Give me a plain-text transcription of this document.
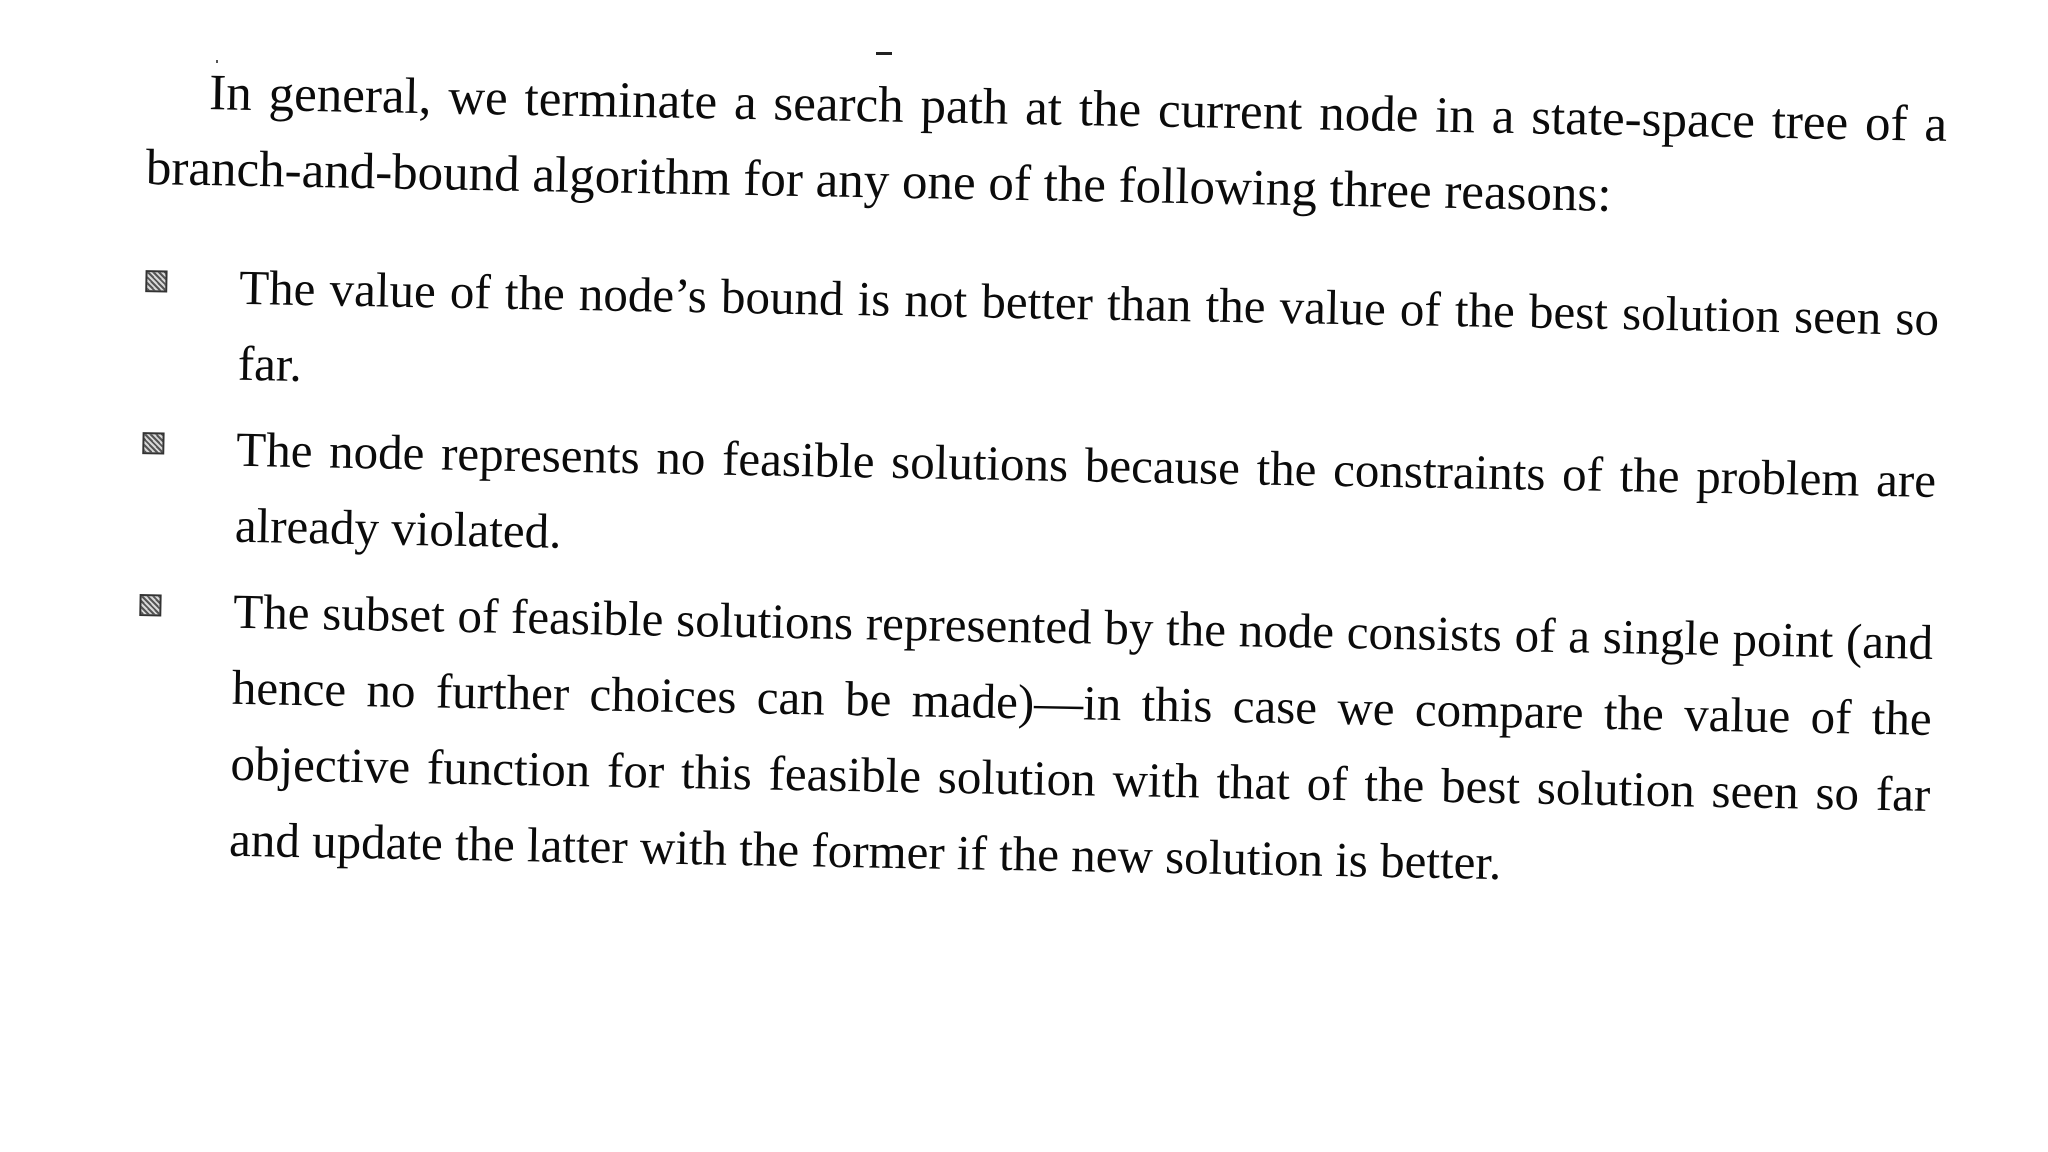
In general, we terminate a search path at the current node in a state-space tree of a branch-and-bound algorithm for any one of the following three reasons:

The value of the node’s bound is not better than the value of the best solution seen so far.
The node represents no feasible solutions because the constraints of the problem are already violated.
The subset of feasible solutions represented by the node consists of a single point (and hence no further choices can be made)—in this case we compare the value of the objective function for this feasible solution with that of the best solution seen so far and update the latter with the former if the new solution is better.
